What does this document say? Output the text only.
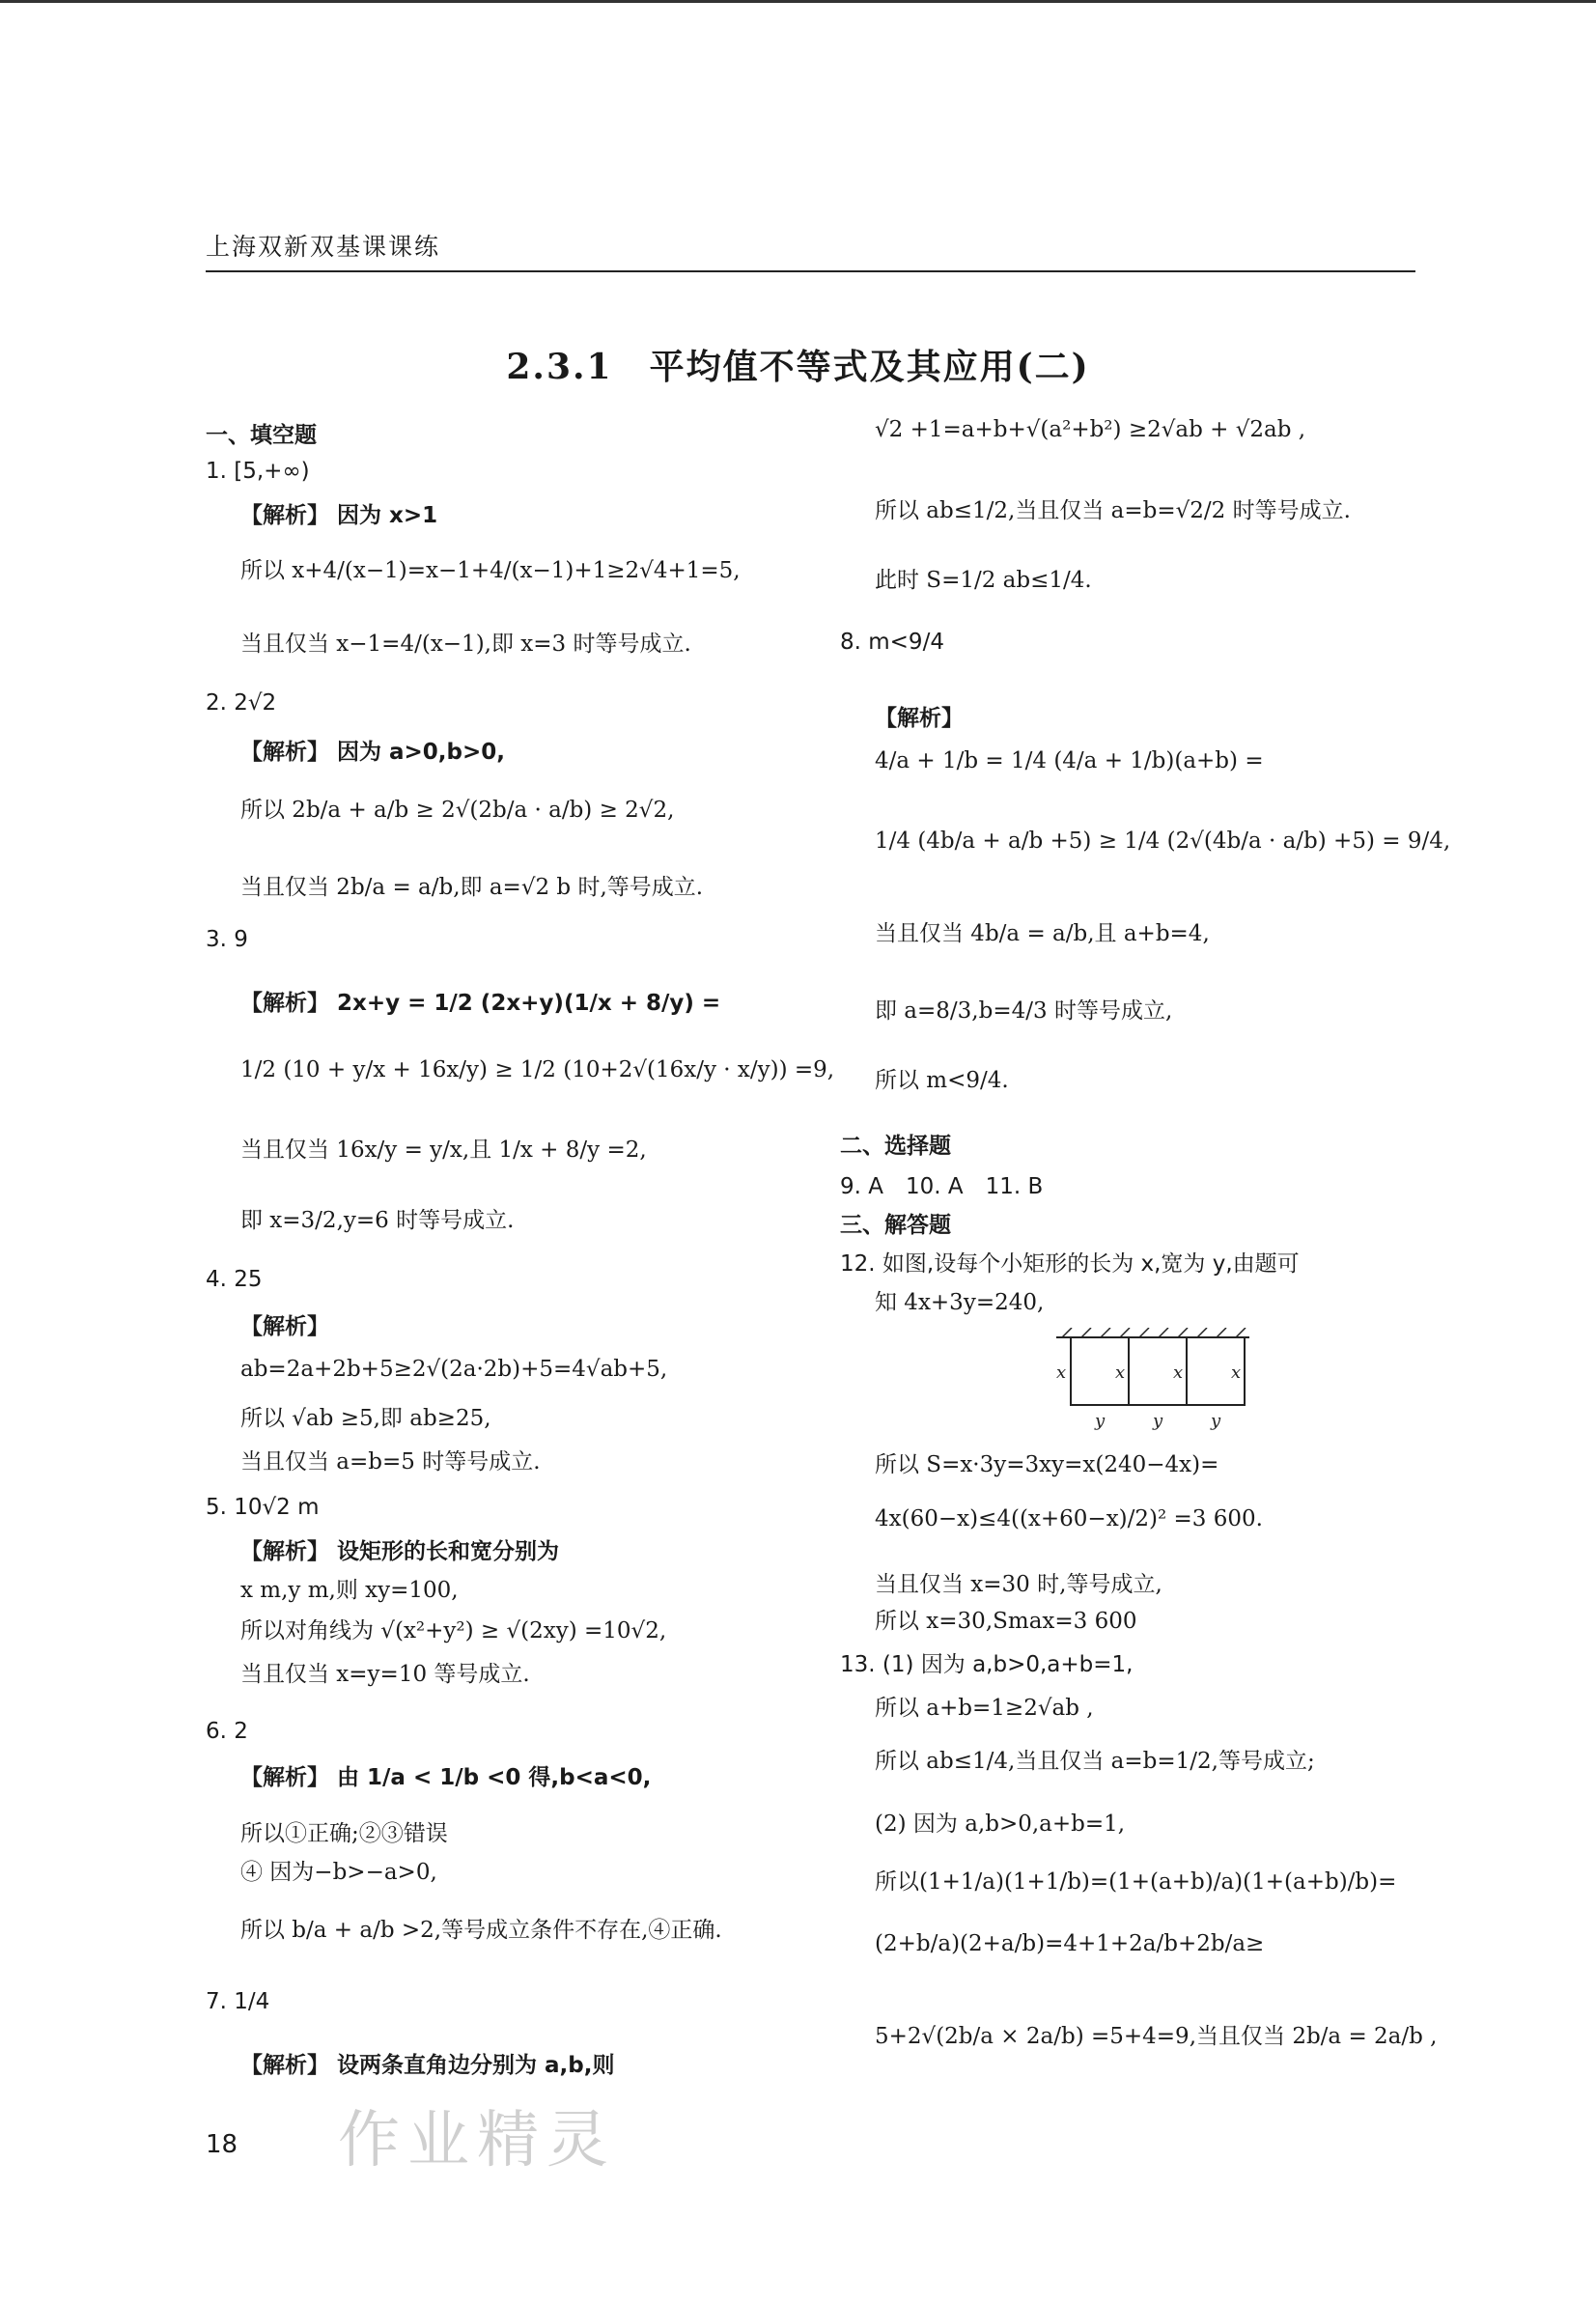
上海双新双基课课练
2.3.1　平均值不等式及其应用(二)
一、填空题
1. [5,+∞)
【解析】 因为 x>1
所以 x+4/(x−1)=x−1+4/(x−1)+1≥2√4+1=5,
当且仅当 x−1=4/(x−1),即 x=3 时等号成立.
2. 2√2
【解析】 因为 a>0,b>0,
所以 2b/a + a/b ≥ 2√(2b/a · a/b) ≥ 2√2,
当且仅当 2b/a = a/b,即 a=√2 b 时,等号成立.
3. 9
【解析】 2x+y = 1/2 (2x+y)(1/x + 8/y) =
1/2 (10 + y/x + 16x/y) ≥ 1/2 (10+2√(16x/y · x/y)) =9,
当且仅当 16x/y = y/x,且 1/x + 8/y =2,
即 x=3/2,y=6 时等号成立.
4. 25
【解析】
ab=2a+2b+5≥2√(2a·2b)+5=4√ab+5,
所以 √ab ≥5,即 ab≥25,
当且仅当 a=b=5 时等号成立.
5. 10√2 m
【解析】 设矩形的长和宽分别为
x m,y m,则 xy=100,
所以对角线为 √(x²+y²) ≥ √(2xy) =10√2,
当且仅当 x=y=10 等号成立.
6. 2
【解析】 由 1/a < 1/b <0 得,b<a<0,
所以①正确;②③错误
④ 因为−b>−a>0,
所以 b/a + a/b >2,等号成立条件不存在,④正确.
7. 1/4
【解析】 设两条直角边分别为 a,b,则
√2 +1=a+b+√(a²+b²) ≥2√ab + √2ab ,
所以 ab≤1/2,当且仅当 a=b=√2/2 时等号成立.
此时 S=1/2 ab≤1/4.
8. m<9/4
【解析】
4/a + 1/b = 1/4 (4/a + 1/b)(a+b) =
1/4 (4b/a + a/b +5) ≥ 1/4 (2√(4b/a · a/b) +5) = 9/4,
当且仅当 4b/a = a/b,且 a+b=4,
即 a=8/3,b=4/3 时等号成立,
所以 m<9/4.
二、选择题
9. A　10. A　11. B
三、解答题
12. 如图,设每个小矩形的长为 x,宽为 y,由题可
知 4x+3y=240,
所以 S=x·3y=3xy=x(240−4x)=
4x(60−x)≤4((x+60−x)/2)² =3 600.
当且仅当 x=30 时,等号成立,
所以 x=30,Smax=3 600
13. (1) 因为 a,b>0,a+b=1,
所以 a+b=1≥2√ab ,
所以 ab≤1/4,当且仅当 a=b=1/2,等号成立;
(2) 因为 a,b>0,a+b=1,
所以(1+1/a)(1+1/b)=(1+(a+b)/a)(1+(a+b)/b)=
(2+b/a)(2+a/b)=4+1+2a/b+2b/a≥
5+2√(2b/a × 2a/b) =5+4=9,当且仅当 2b/a = 2a/b ,
x	x	x	x
y	y	y
作业精灵
18
